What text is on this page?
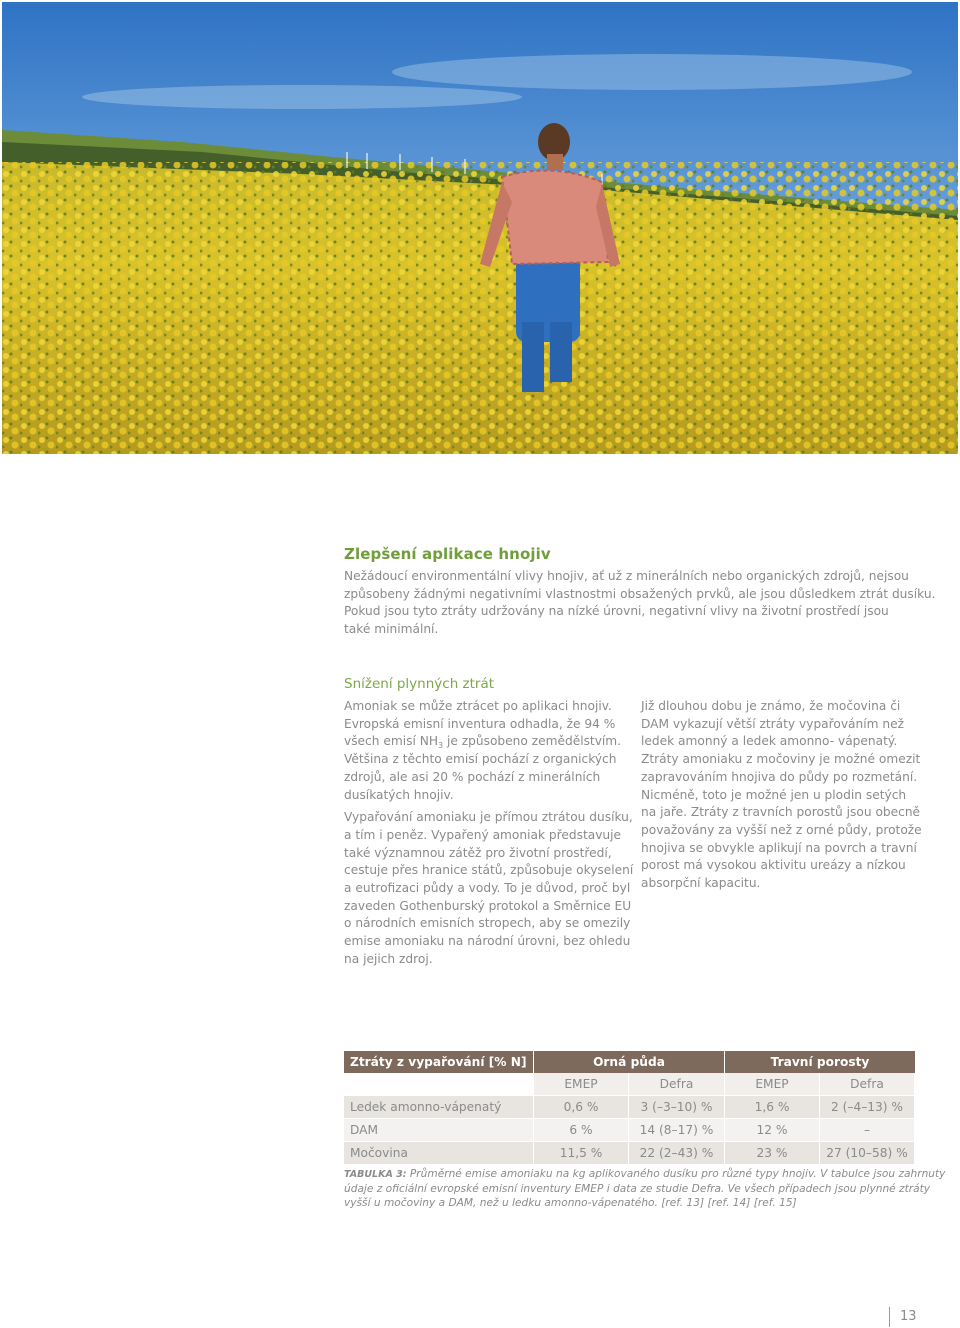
Zlepšení aplikace hnojiv
Nežádoucí environmentální vlivy hnojiv, ať už z minerálních nebo organických zdrojů, nejsou
způsobeny žádnými negativními vlastnostmi obsažených prvků, ale jsou důsledkem ztrát dusíku.
Pokud jsou tyto ztráty udržovány na nízké úrovni, negativní vlivy na životní prostředí jsou
také minimální.
Snížení plynných ztrát

Amoniak se může ztrácet po aplikaci hnojiv.
Evropská emisní inventura odhadla, že 94 %
všech emisí $NH_3$ je způsobeno zemědělstvím.
Většina z těchto emisí pochází z organických
zdrojů, ale asi 20 % pochází z minerálních
dusíkatých hnojiv.

Vypařování amoniaku je přímou ztrátou dusíku,
a tím i peněz. Vypařený amoniak představuje
také významnou zátěž pro životní prostředí,
cestuje přes hranice států, způsobuje okyselení
a eutrofizaci půdy a vody. To je důvod, proč byl
zaveden Gothenburský protokol a Směrnice EU
o národních emisních stropech, aby se omezily
emise amoniaku na národní úrovni, bez ohledu
na jejich zdroj.

Již dlouhou dobu je známo, že močovina či
DAM vykazují větší ztráty vypařováním než
ledek amonný a ledek amonno- vápenatý.
Ztráty amoniaku z močoviny je možné omezit
zapravováním hnojiva do půdy po rozmetání.
Nicméně, toto je možné jen u plodin setých
na jaře. Ztráty z travních porostů jsou obecně
považovány za vyšší než z orné půdy, protože
hnojiva se obvykle aplikují na povrch a travní
porost má vysokou aktivitu ureázy a nízkou
absorpční kapacitu.

Ztráty z vypařování [% N]	Orná půda		Travní porosty	
	EMEP	Defra	EMEP	Defra
Ledek amonno-vápenatý	0,6 %	3 (–3–10) %	1,6 %	2 (–4–13) %
DAM	6 %	14 (8–17) %	12 %	–
Močovina	11,5 %	22 (2–43) %	23 %	27 (10–58) %
TABULKA 3: Průměrné emise amoniaku na kg aplikovaného dusíku pro různé typy hnojiv. V tabulce jsou zahrnuty
údaje z oficiální evropské emisní inventury EMEP i data ze studie Defra. Ve všech případech jsou plynné ztráty
vyšší u močoviny a DAM, než u ledku amonno-vápenatého. [ref. 13] [ref. 14] [ref. 15]
13
